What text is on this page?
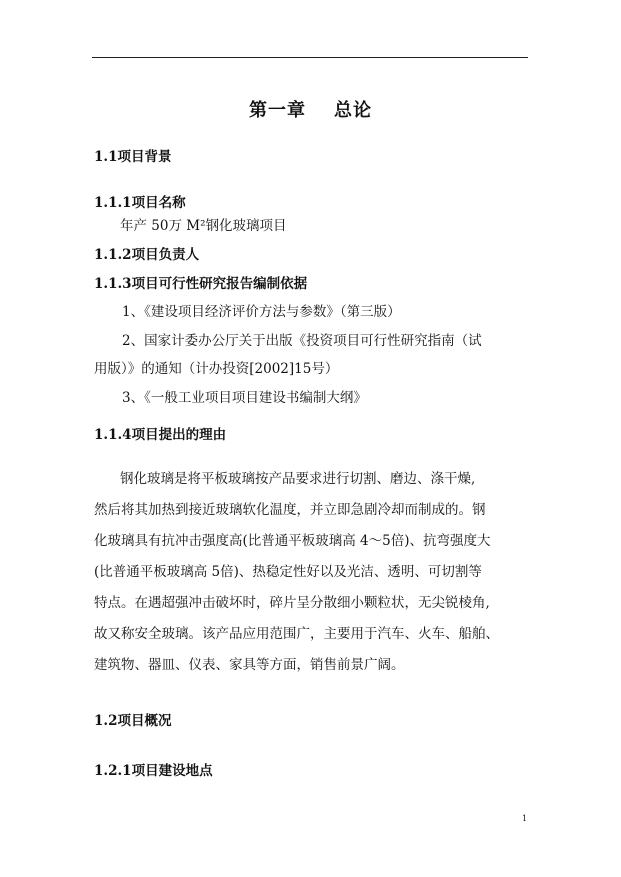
第一章 总论
1.1项目背景
1.1.1项目名称
年产 50万 M²钢化玻璃项目
1.1.2项目负责人
1.1.3项目可行性研究报告编制依据
1、《建设项目经济评价方法与参数》（第三版）
2、国家计委办公厅关于出版《投资项目可行性研究指南（试
用版）》的通知（计办投资[2002]15号）
3、《一般工业项目项目建设书编制大纲》
1.1.4项目提出的理由
钢化玻璃是将平板玻璃按产品要求进行切割、磨边、涤干燥,
然后将其加热到接近玻璃软化温度，并立即急剧冷却而制成的。钢
化玻璃具有抗冲击强度高(比普通平板玻璃高 4～5倍)、抗弯强度大
(比普通平板玻璃高 5倍)、热稳定性好以及光洁、透明、可切割等
特点。在遇超强冲击破坏时，碎片呈分散细小颗粒状，无尖锐棱角,
故又称安全玻璃。该产品应用范围广，主要用于汽车、火车、船舶、
建筑物、器皿、仪表、家具等方面，销售前景广阔。
1.2项目概况
1.2.1项目建设地点
1
